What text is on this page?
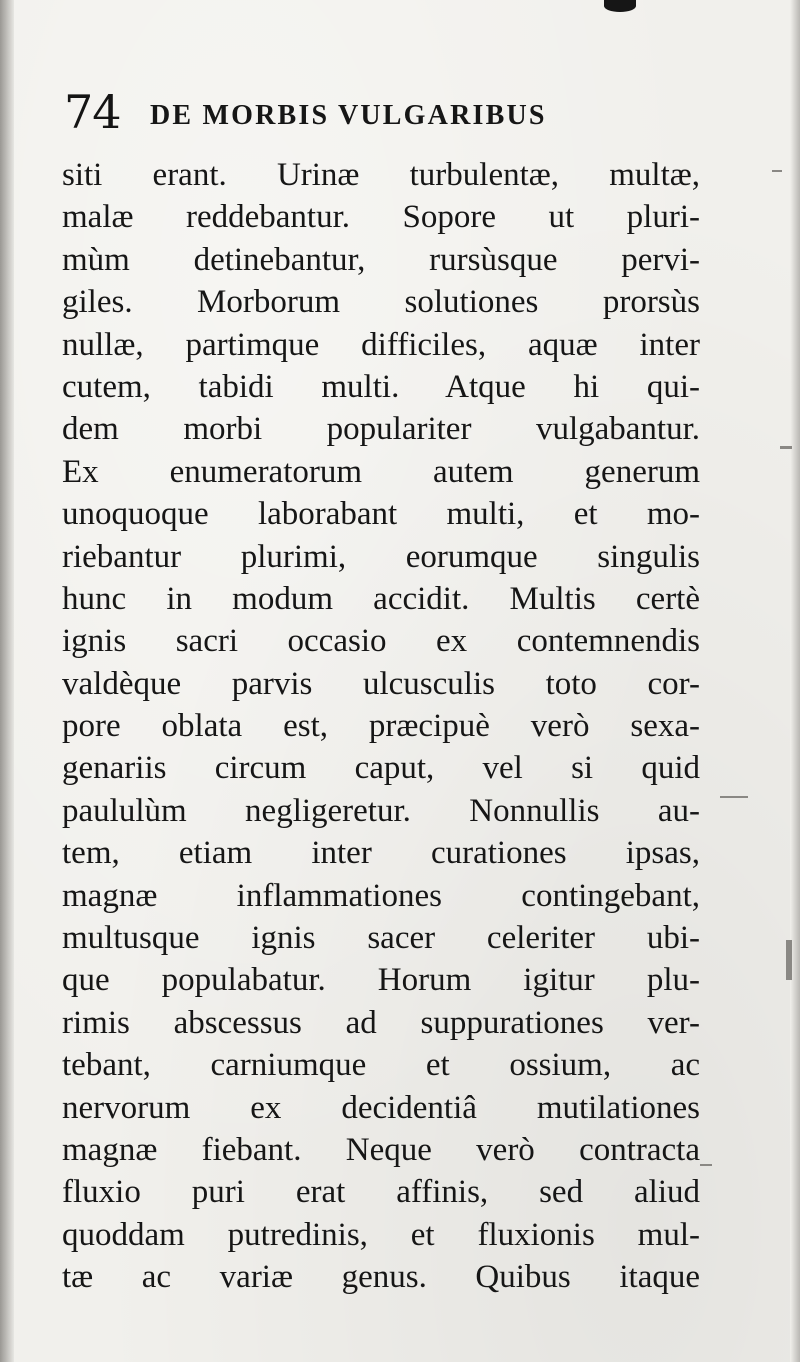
74 DE MORBIS VULGARIBUS
siti erant. Urinæ turbulentæ, multæ,
malæ reddebantur. Sopore ut pluri-
mùm detinebantur, rursùsque pervi-
giles. Morborum solutiones prorsùs
nullæ, partimque difficiles, aquæ inter
cutem, tabidi multi. Atque hi qui-
dem morbi populariter vulgabantur.
Ex enumeratorum autem generum
unoquoque laborabant multi, et mo-
riebantur plurimi, eorumque singulis
hunc in modum accidit. Multis certè
ignis sacri occasio ex contemnendis
valdèque parvis ulcusculis toto cor-
pore oblata est, præcipuè verò sexa-
genariis circum caput, vel si quid
paululùm negligeretur. Nonnullis au-
tem, etiam inter curationes ipsas,
magnæ inflammationes contingebant,
multusque ignis sacer celeriter ubi-
que populabatur. Horum igitur plu-
rimis abscessus ad suppurationes ver-
tebant, carniumque et ossium, ac
nervorum ex decidentiâ mutilationes
magnæ fiebant. Neque verò contracta
fluxio puri erat affinis, sed aliud
quoddam putredinis, et fluxionis mul-
tæ ac variæ genus. Quibus itaque
